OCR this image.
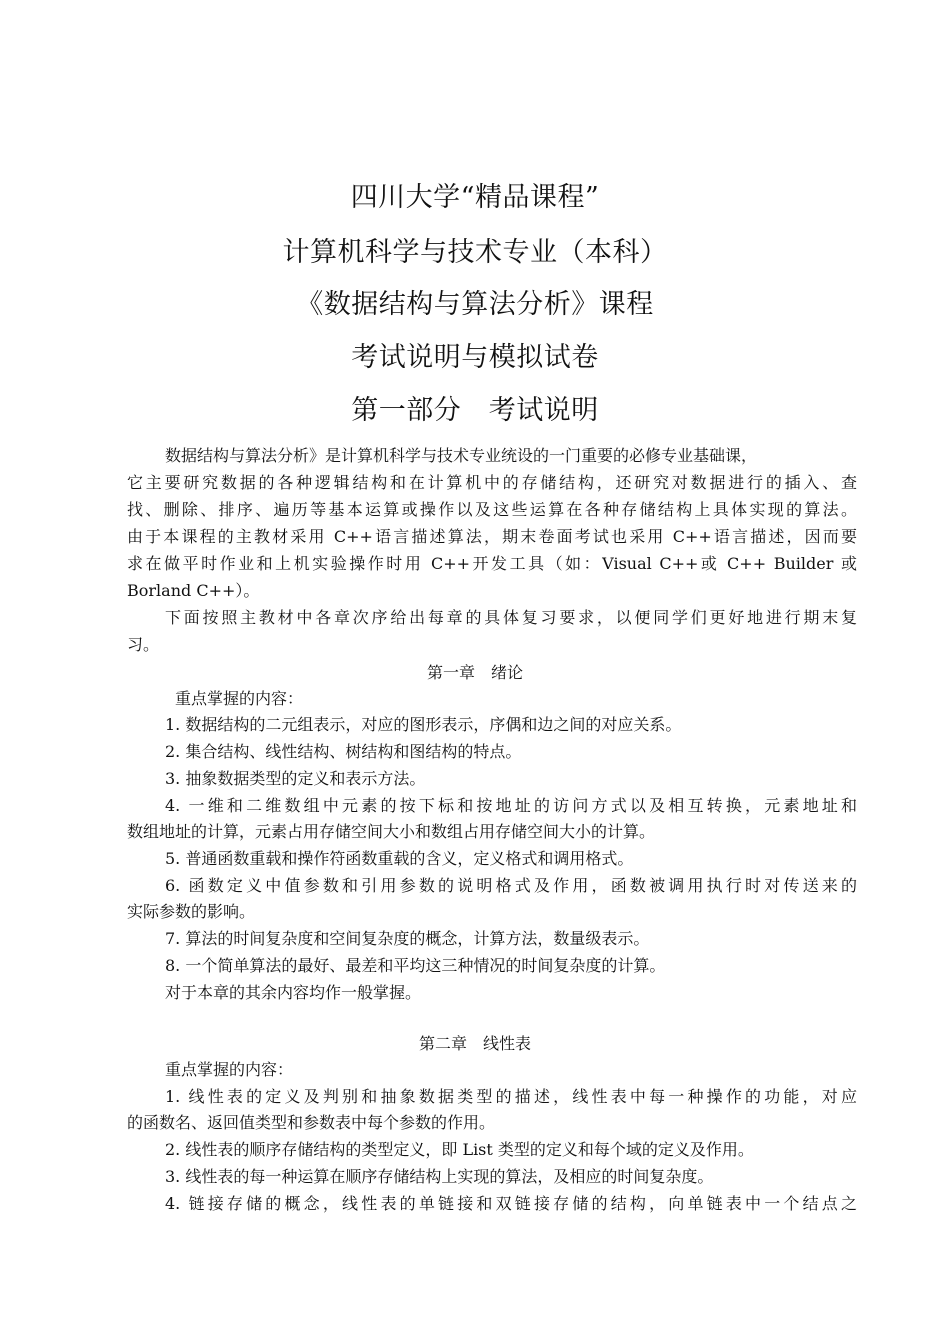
四川大学“精品课程”
计算机科学与技术专业（本科）
《数据结构与算法分析》课程
考试说明与模拟试卷
第一部分　考试说明
数据结构与算法分析》是计算机科学与技术专业统设的一门重要的必修专业基础课，
它主要研究数据的各种逻辑结构和在计算机中的存储结构，还研究对数据进行的插入、查
找、删除、排序、遍历等基本运算或操作以及这些运算在各种存储结构上具体实现的算法。
由于本课程的主教材采用 C++语言描述算法，期末卷面考试也采用 C++语言描述，因而要
求在做平时作业和上机实验操作时用 C++开发工具（如：Visual C++或 C++ Builder 或
Borland C++）。
下面按照主教材中各章次序给出每章的具体复习要求，以便同学们更好地进行期末复
习。
第一章　绪论
重点掌握的内容：
1. 数据结构的二元组表示，对应的图形表示，序偶和边之间的对应关系。
2. 集合结构、线性结构、树结构和图结构的特点。
3. 抽象数据类型的定义和表示方法。
4. 一维和二维数组中元素的按下标和按地址的访问方式以及相互转换，元素地址和
数组地址的计算，元素占用存储空间大小和数组占用存储空间大小的计算。
5. 普通函数重载和操作符函数重载的含义，定义格式和调用格式。
6. 函数定义中值参数和引用参数的说明格式及作用，函数被调用执行时对传送来的
实际参数的影响。
7. 算法的时间复杂度和空间复杂度的概念，计算方法，数量级表示。
8. 一个简单算法的最好、最差和平均这三种情况的时间复杂度的计算。
对于本章的其余内容均作一般掌握。
第二章　线性表
重点掌握的内容：
1. 线性表的定义及判别和抽象数据类型的描述，线性表中每一种操作的功能，对应
的函数名、返回值类型和参数表中每个参数的作用。
2. 线性表的顺序存储结构的类型定义，即 List 类型的定义和每个域的定义及作用。
3. 线性表的每一种运算在顺序存储结构上实现的算法，及相应的时间复杂度。
4. 链接存储的概念，线性表的单链接和双链接存储的结构，向单链表中一个结点之
